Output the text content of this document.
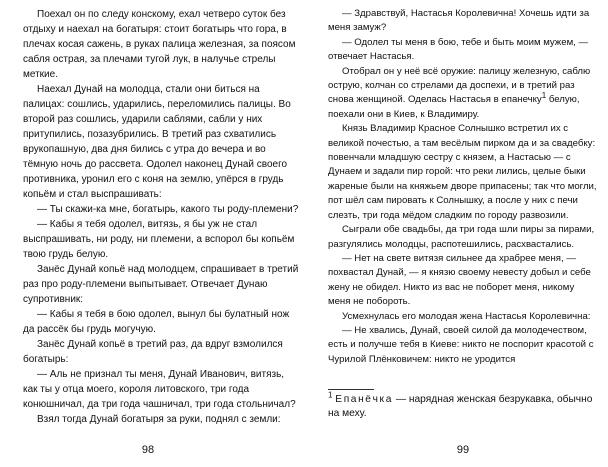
Поехал он по следу конскому, ехал четверо суток без отдыху и наехал на богатыря: стоит богатырь что гора, в плечах косая сажень, в руках палица железная, за поясом сабля острая, за плечами тугой лук, в налучье стрелы меткие.

Наехал Дунай на молодца, стали они биться на палицах: сошлись, ударились, переломились палицы. Во второй раз сошлись, ударили саблями, сабли у них притупились, позазубрились. В третий раз схватились врукопашную, два дня бились с утра до вечера и во тёмную ночь до рассвета. Одолел наконец Дунай своего противника, уронил его с коня на землю, упёрся в грудь копьём и стал выспрашивать:

— Ты скажи-ка мне, богатырь, какого ты роду-племени?

— Кабы я тебя одолел, витязь, я бы уж не стал выспрашивать, ни роду, ни племени, а вспорол бы копьём твою грудь белую.

Занёс Дунай копьё над молодцем, спрашивает в третий раз про роду-племени выпытывает. Отвечает Дунаю супротивник:

— Кабы я тебя в бою одолел, вынул бы булатный нож да рассёк бы грудь могучую.

Занёс Дунай копьё в третий раз, да вдруг взмолился богатырь:

— Аль не признал ты меня, Дунай Иванович, витязь, как ты у отца моего, короля литовского, три года конюшничал, да три года чашничал, три года стольничал?

Взял тогда Дунай богатыря за руки, поднял с земли:

98

— Здравствуй, Настасья Королевична! Хочешь идти за меня замуж?

— Одолел ты меня в бою, тебе и быть моим мужем, — отвечает Настасья.

Отобрал он у неё всё оружие: палицу железную, саблю острую, колчан со стрелами да доспехи, и в третий раз снова женщиной. Оделась Настасья в епанечку$^1$ белую, поехали они в Киев, к Владимиру.

Князь Владимир Красное Солнышко встретил их с великой почестью, а там весёлым пирком да и за свадебку: повенчали младшую сестру с князем, а Настасью — с Дунаем и задали пир горой: что реки лились, целые быки жареные были на княжьем дворе припасены; так что могли, пот шёл сам пировать к Солнышку, а после у них с печи слезть, три года мёдом сладким по городу развозили.

Сыграли обе свадьбы, да три года шли пиры за пирами, разгулялись молодцы, распотешились, расхвастались.

— Нет на свете витязя сильнее да храбрее меня, — похвастал Дунай, — я князю своему невесту добыл и себе жену не обидел. Никто из вас не поборет меня, никому меня не побороть.

Усмехнулась его молодая жена Настасья Королевична:

— Не хвались, Дунай, своей силой да молодечеством, есть и получше тебя в Киеве: никто не поспорит красотой с Чурилой Плёнковичем: никто не уродится

$^1$ Епанёчка — нарядная женская безрукавка, обычно на меху.
99
